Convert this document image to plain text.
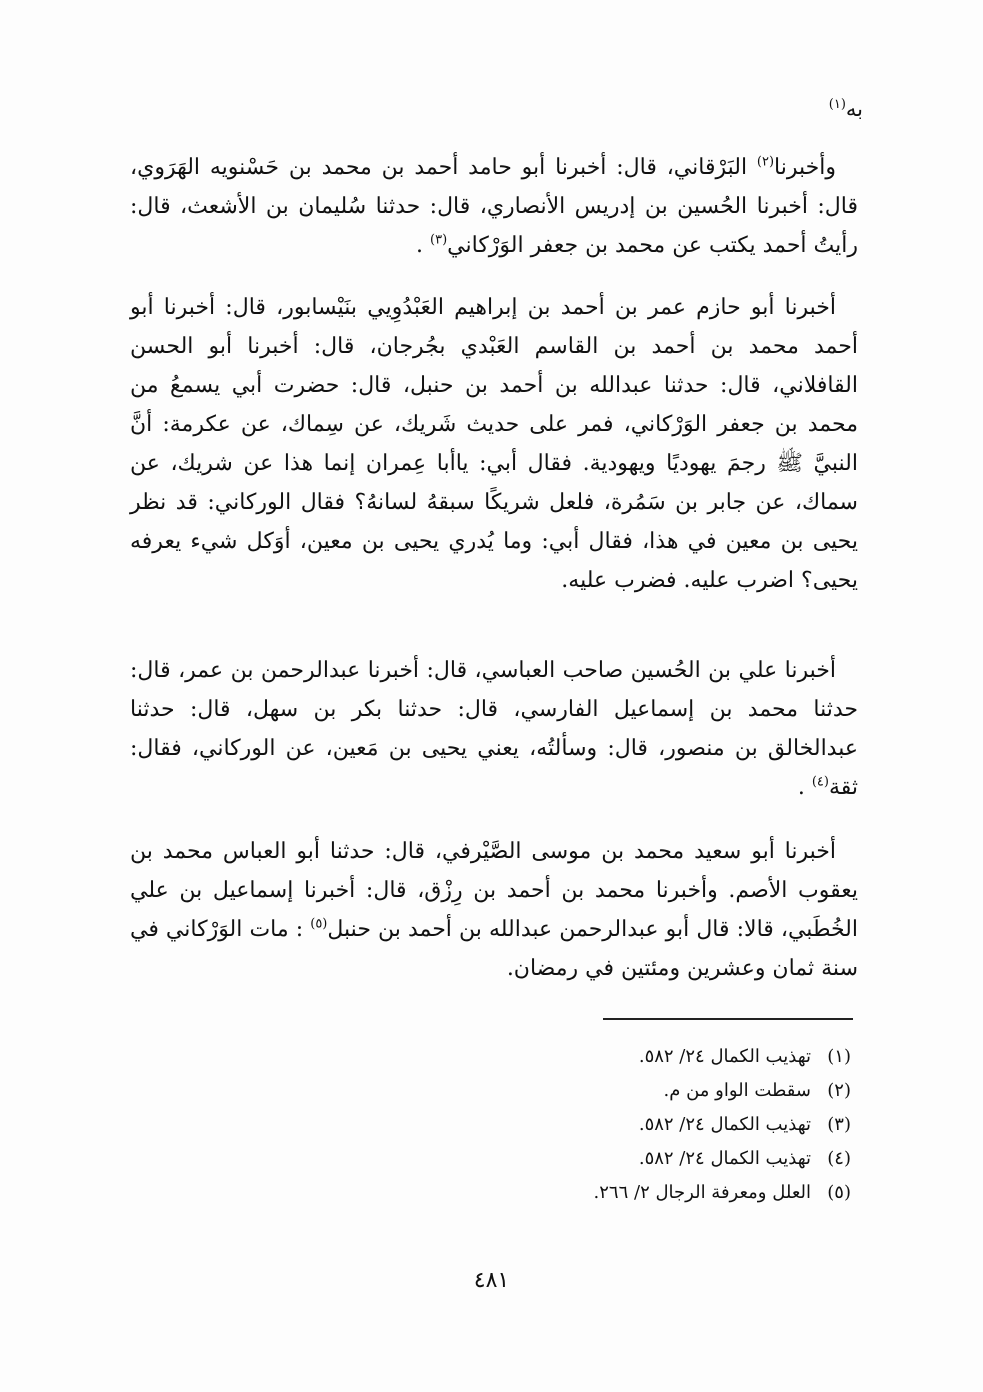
به$^{(١)}$

وأخبرنا$^{(٢)}$ البَرْقاني، قال: أخبرنا أبو حامد أحمد بن محمد بن حَسْنويه الهَرَوي، قال: أخبرنا الحُسين بن إدريس الأنصاري، قال: حدثنا سُليمان بن الأشعث، قال: رأيتُ أحمد يكتب عن محمد بن جعفر الوَرْكاني$^{(٣)}$ .

أخبرنا أبو حازم عمر بن أحمد بن إبراهيم العَبْدُوِيي بنَيْسابور، قال: أخبرنا أبو أحمد محمد بن أحمد بن القاسم العَبْدي بجُرجان، قال: أخبرنا أبو الحسن القافلاني، قال: حدثنا عبدالله بن أحمد بن حنبل، قال: حضرت أبي يسمعُ من محمد بن جعفر الوَرْكاني، فمر على حديث شَريك، عن سِماك، عن عكرمة: أنَّ النبيَّ ﷺ رجمَ يهوديًا ويهودية. فقال أبي: ياأبا عِمران إنما هذا عن شريك، عن سماك، عن جابر بن سَمُرة، فلعل شريكًا سبقهُ لسانهُ؟ فقال الوركاني: قد نظر يحيى بن معين في هذا، فقال أبي: وما يُدري يحيى بن معين، أوَكل شيء يعرفه يحيى؟ اضرب عليه. فضرب عليه.

أخبرنا علي بن الحُسين صاحب العباسي، قال: أخبرنا عبدالرحمن بن عمر، قال: حدثنا محمد بن إسماعيل الفارسي، قال: حدثنا بكر بن سهل، قال: حدثنا عبدالخالق بن منصور، قال: وسألتُه، يعني يحيى بن مَعين، عن الوركاني، فقال: ثقة$^{(٤)}$ .

أخبرنا أبو سعيد محمد بن موسى الصَّيْرفي، قال: حدثنا أبو العباس محمد بن يعقوب الأصم. وأخبرنا محمد بن أحمد بن رِزْق، قال: أخبرنا إسماعيل بن علي الخُطَبي، قالا: قال أبو عبدالرحمن عبدالله بن أحمد بن حنبل$^{(٥)}$ : مات الوَرْكاني في سنة ثمان وعشرين ومئتين في رمضان.

(١)تهذيب الكمال ٢٤/ ٥٨٢.
(٢)سقطت الواو من م.
(٣)تهذيب الكمال ٢٤/ ٥٨٢.
(٤)تهذيب الكمال ٢٤/ ٥٨٢.
(٥)العلل ومعرفة الرجال ٢/ ٢٦٦.
٤٨١
